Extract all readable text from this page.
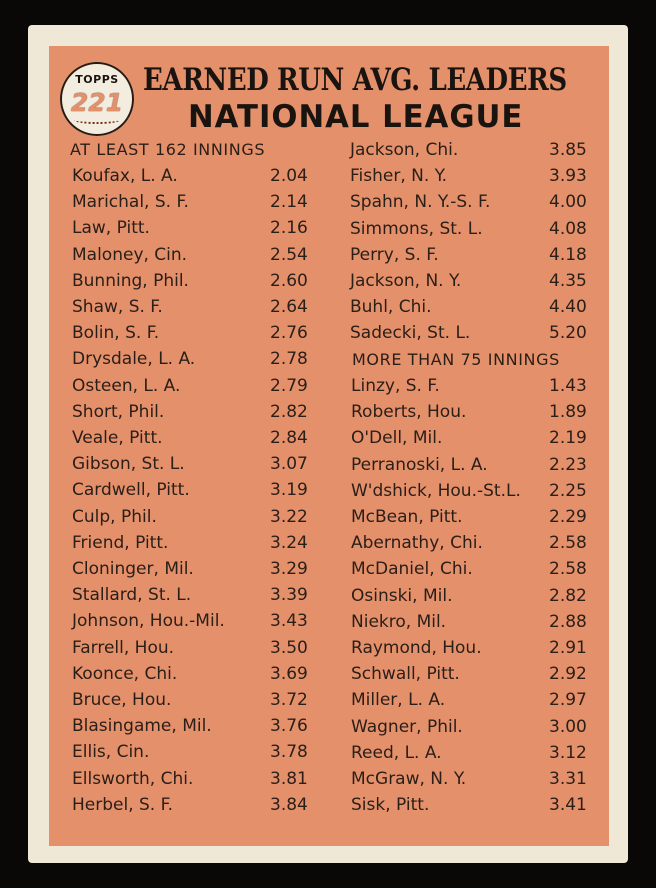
TOPPS
221
EARNED RUN AVG. LEADERS
NATIONAL LEAGUE
AT LEAST 162 INNINGS
Koufax, L. A.	2.04
Marichal, S. F.	2.14
Law, Pitt.	2.16
Maloney, Cin.	2.54
Bunning, Phil.	2.60
Shaw, S. F.	2.64
Bolin, S. F.	2.76
Drysdale, L. A.	2.78
Osteen, L. A.	2.79
Short, Phil.	2.82
Veale, Pitt.	2.84
Gibson, St. L.	3.07
Cardwell, Pitt.	3.19
Culp, Phil.	3.22
Friend, Pitt.	3.24
Cloninger, Mil.	3.29
Stallard, St. L.	3.39
Johnson, Hou.-Mil.	3.43
Farrell, Hou.	3.50
Koonce, Chi.	3.69
Bruce, Hou.	3.72
Blasingame, Mil.	3.76
Ellis, Cin.	3.78
Ellsworth, Chi.	3.81
Herbel, S. F.	3.84
Jackson, Chi.	3.85
Fisher, N. Y.	3.93
Spahn, N. Y.-S. F.	4.00
Simmons, St. L.	4.08
Perry, S. F.	4.18
Jackson, N. Y.	4.35
Buhl, Chi.	4.40
Sadecki, St. L.	5.20
MORE THAN 75 INNINGS
Linzy, S. F.	1.43
Roberts, Hou.	1.89
O'Dell, Mil.	2.19
Perranoski, L. A.	2.23
W'dshick, Hou.-St.L. 2.25
McBean, Pitt.	2.29
Abernathy, Chi.	2.58
McDaniel, Chi.	2.58
Osinski, Mil.	2.82
Niekro, Mil.	2.88
Raymond, Hou.	2.91
Schwall, Pitt.	2.92
Miller, L. A.	2.97
Wagner, Phil.	3.00
Reed, L. A.	3.12
McGraw, N. Y.	3.31
Sisk, Pitt.	3.41
